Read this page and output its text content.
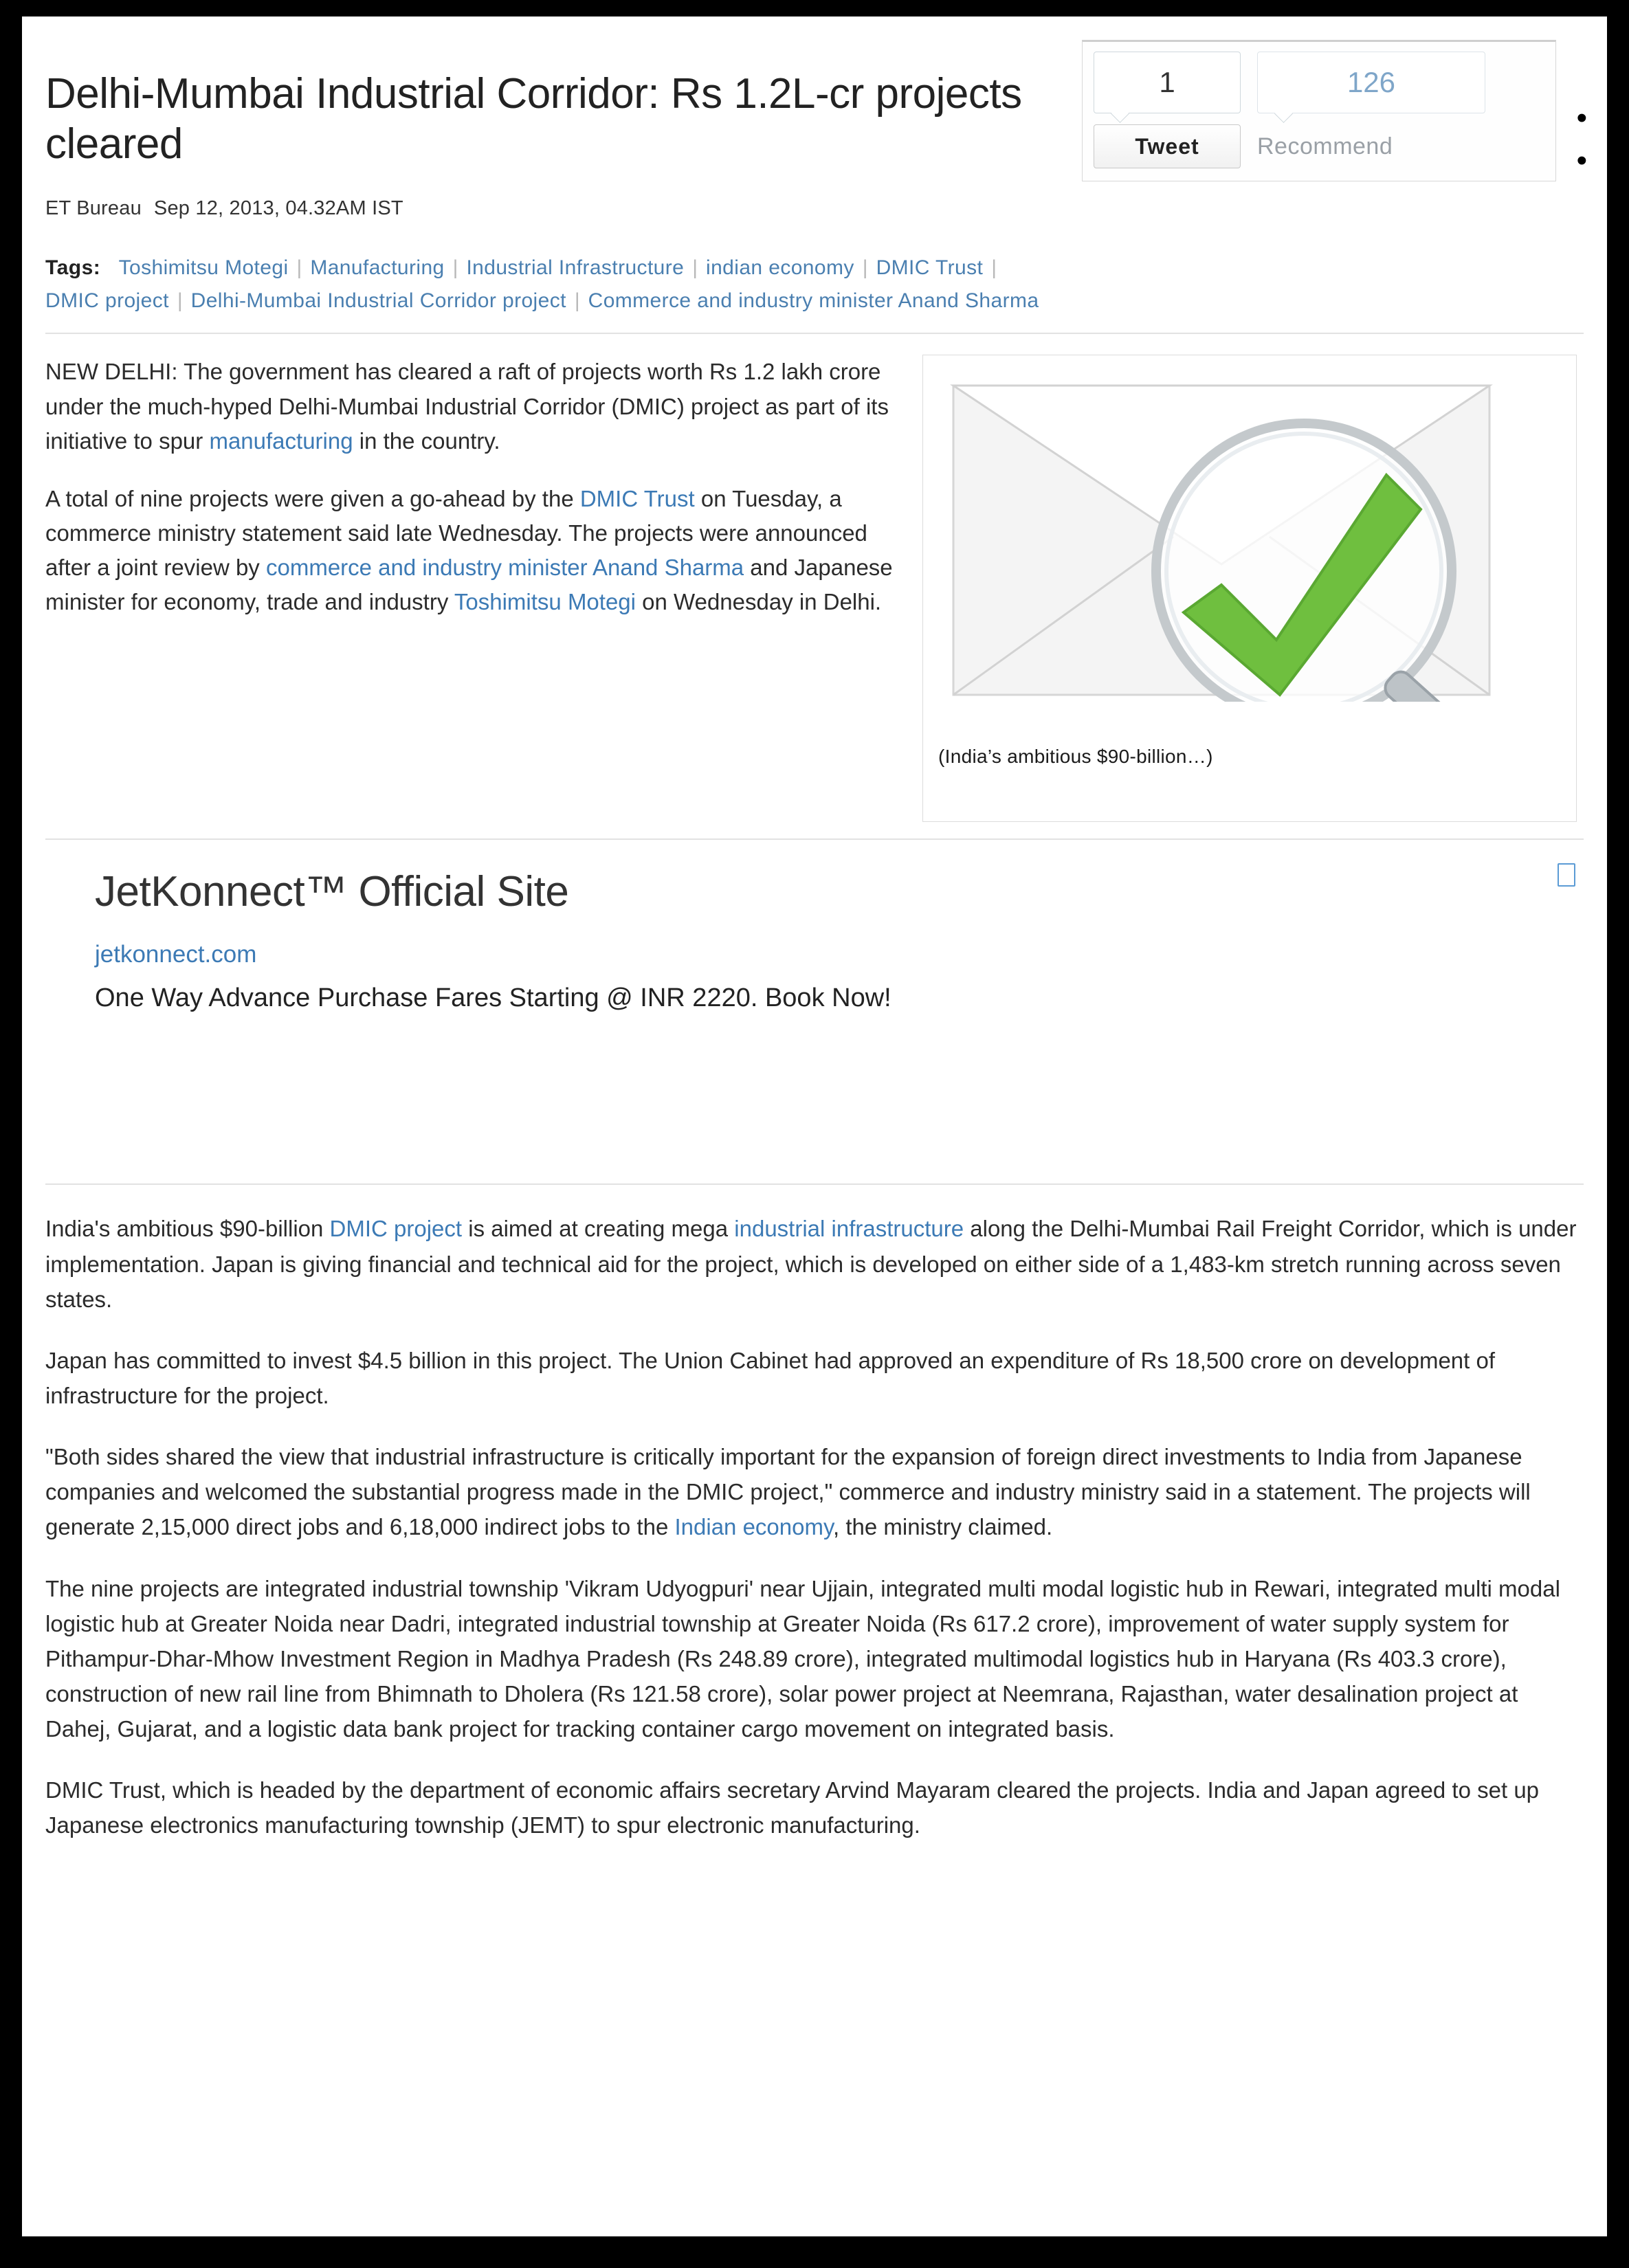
Delhi-Mumbai Industrial Corridor: Rs 1.2L-cr projects cleared
ET Bureau Sep 12, 2013, 04.32AM IST
1	126
Tweet	Recommend
•
•
Tags: Toshimitsu Motegi | Manufacturing | Industrial Infrastructure | indian economy | DMIC Trust |
DMIC project | Delhi-Mumbai Industrial Corridor project | Commerce and industry minister Anand Sharma

NEW DELHI: The government has cleared a raft of projects worth Rs 1.2 lakh crore under the much-hyped Delhi-Mumbai Industrial Corridor (DMIC) project as part of its initiative to spur manufacturing in the country.

A total of nine projects were given a go-ahead by the DMIC Trust on Tuesday, a commerce ministry statement said late Wednesday. The projects were announced after a joint review by commerce and industry minister Anand Sharma and Japanese minister for economy, trade and industry Toshimitsu Motegi on Wednesday in Delhi.

(India’s ambitious $90-billion…)
JetKonnect™ Official Site
jetkonnect.com
One Way Advance Purchase Fares Starting @ INR 2220. Book Now!

India's ambitious $90-billion DMIC project is aimed at creating mega industrial infrastructure along the Delhi-Mumbai Rail Freight Corridor, which is under implementation. Japan is giving financial and technical aid for the project, which is developed on either side of a 1,483-km stretch running across seven states.

Japan has committed to invest $4.5 billion in this project. The Union Cabinet had approved an expenditure of Rs 18,500 crore on development of infrastructure for the project.

"Both sides shared the view that industrial infrastructure is critically important for the expansion of foreign direct investments to India from Japanese companies and welcomed the substantial progress made in the DMIC project," commerce and industry ministry said in a statement. The projects will generate 2,15,000 direct jobs and 6,18,000 indirect jobs to the Indian economy, the ministry claimed.

The nine projects are integrated industrial township 'Vikram Udyogpuri' near Ujjain, integrated multi modal logistic hub in Rewari, integrated multi modal logistic hub at Greater Noida near Dadri, integrated industrial township at Greater Noida (Rs 617.2 crore), improvement of water supply system for Pithampur-Dhar-Mhow Investment Region in Madhya Pradesh (Rs 248.89 crore), integrated multimodal logistics hub in Haryana (Rs 403.3 crore), construction of new rail line from Bhimnath to Dholera (Rs 121.58 crore), solar power project at Neemrana, Rajasthan, water desalination project at Dahej, Gujarat, and a logistic data bank project for tracking container cargo movement on integrated basis.

DMIC Trust, which is headed by the department of economic affairs secretary Arvind Mayaram cleared the projects. India and Japan agreed to set up Japanese electronics manufacturing township (JEMT) to spur electronic manufacturing.
